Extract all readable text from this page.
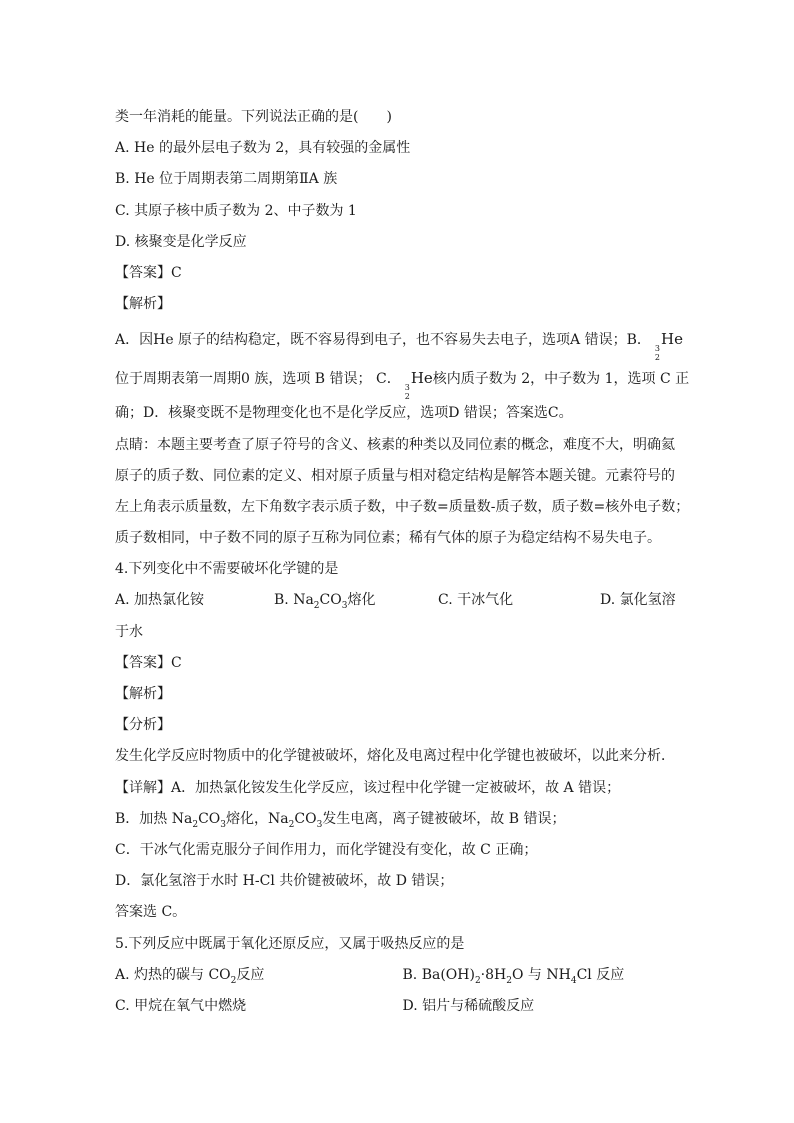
类一年消耗的能量。下列说法正确的是(　　)
A. He 的最外层电子数为 2，具有较强的金属性
B. He 位于周期表第二周期第ⅡA 族
C. 其原子核中质子数为 2、中子数为 1
D. 核聚变是化学反应
【答案】C
【解析】
A．因He 原子的结构稳定，既不容易得到电子，也不容易失去电子，选项A 错误；B．
3
2
He
位于周期表第一周期0 族，选项 B 错误； C．
3
2
He核内质子数为 2，中子数为 1，选项 C 正
确；D．核聚变既不是物理变化也不是化学反应，选项D 错误；答案选C。
点睛：本题主要考查了原子符号的含义、核素的种类以及同位素的概念，难度不大，明确氦
原子的质子数、同位素的定义、相对原子质量与相对稳定结构是解答本题关键。元素符号的
左上角表示质量数，左下角数字表示质子数，中子数=质量数-质子数，质子数=核外电子数；
质子数相同，中子数不同的原子互称为同位素；稀有气体的原子为稳定结构不易失电子。
4.下列变化中不需要破坏化学键的是
A. 加热氯化铵	B. $Na_2CO_3$熔化	C. 干冰气化	D. 氯化氢溶
于水
【答案】C
【解析】
【分析】
发生化学反应时物质中的化学键被破坏，熔化及电离过程中化学键也被破坏，以此来分析．
【详解】A．加热氯化铵发生化学反应，该过程中化学键一定被破坏，故 A 错误；
B．加热 $Na_2CO_3$熔化，$Na_2CO_3$发生电离，离子键被破坏，故 B 错误；
C．干冰气化需克服分子间作用力，而化学键没有变化，故 C 正确；
D．氯化氢溶于水时 H-Cl 共价键被破坏，故 D 错误；
答案选 C。
5.下列反应中既属于氧化还原反应，又属于吸热反应的是
A. 灼热的碳与 $CO_2$反应	B. $Ba(OH)_2\cdot 8H_2O$ 与 $NH_4Cl$ 反应
C. 甲烷在氧气中燃烧	D. 铝片与稀硫酸反应
